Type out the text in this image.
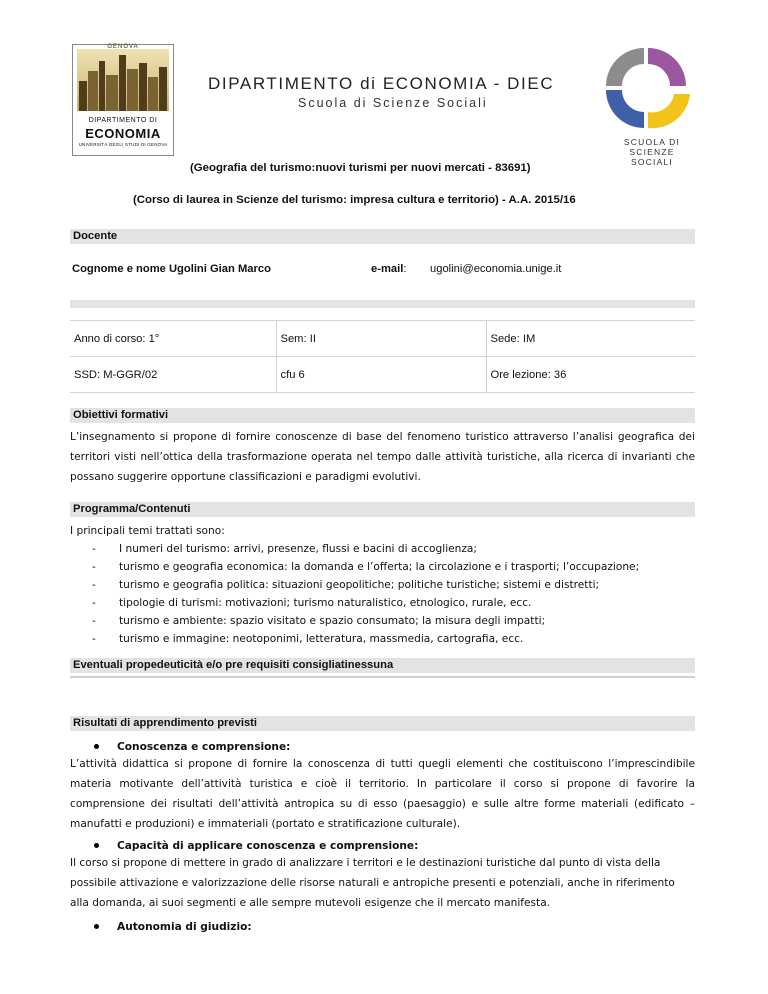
GENOVA
DIPARTIMENTO DI
ECONOMIA
UNIVERSITÀ DEGLI STUDI DI GENOVA
DIPARTIMENTO di ECONOMIA - DIEC
Scuola di Scienze Sociali
SCUOLA DI
SCIENZE SOCIALI
(Geografia del turismo:nuovi turismi per nuovi mercati - 83691)
(Corso di laurea in Scienze del turismo: impresa cultura e territorio) - A.A. 2015/16
Docente
Cognome e nome Ugolini Gian Marco	e-mail: ugolini@economia.unige.it
Anno di corso: 1°	Sem: II	Sede: IM
SSD: M-GGR/02	cfu 6	Ore lezione: 36
Obiettivi formativi
L’insegnamento si propone di fornire conoscenze di base del fenomeno turistico attraverso l’analisi geografica dei territori visti nell’ottica della trasformazione operata nel tempo dalle attività turistiche, alla ricerca di invarianti che possano suggerire opportune classificazioni e paradigmi evolutivi.
Programma/Contenuti
I principali temi trattati sono:
- I numeri del turismo: arrivi, presenze, flussi e bacini di accoglienza;
- turismo e geografia economica: la domanda e l’offerta; la circolazione e i trasporti; l’occupazione;
- turismo e geografia politica: situazioni geopolitiche; politiche turistiche; sistemi e distretti;
- tipologie di turismi: motivazioni; turismo naturalistico, etnologico, rurale, ecc.
- turismo e ambiente: spazio visitato e spazio consumato; la misura degli impatti;
- turismo e immagine: neotoponimi, letteratura, massmedia, cartografia, ecc.
Eventuali propedeuticità e/o pre requisiti consigliatinessuna
Risultati di apprendimento previsti
Conoscenza e comprensione:
L’attività didattica si propone di fornire la conoscenza di tutti quegli elementi che costituiscono l’imprescindibile materia motivante dell’attività turistica e cioè il territorio. In particolare il corso si propone di favorire la comprensione dei risultati dell’attività antropica su di esso (paesaggio) e sulle altre forme materiali (edificato – manufatti e produzioni) e immateriali (portato e stratificazione culturale).
Capacità di applicare conoscenza e comprensione:
Il corso si propone di mettere in grado di analizzare i territori e le destinazioni turistiche dal punto di vista della possibile attivazione e valorizzazione delle risorse naturali e antropiche presenti e potenziali, anche in riferimento alla domanda, ai suoi segmenti e alle sempre mutevoli esigenze che il mercato manifesta.
Autonomia di giudizio:
